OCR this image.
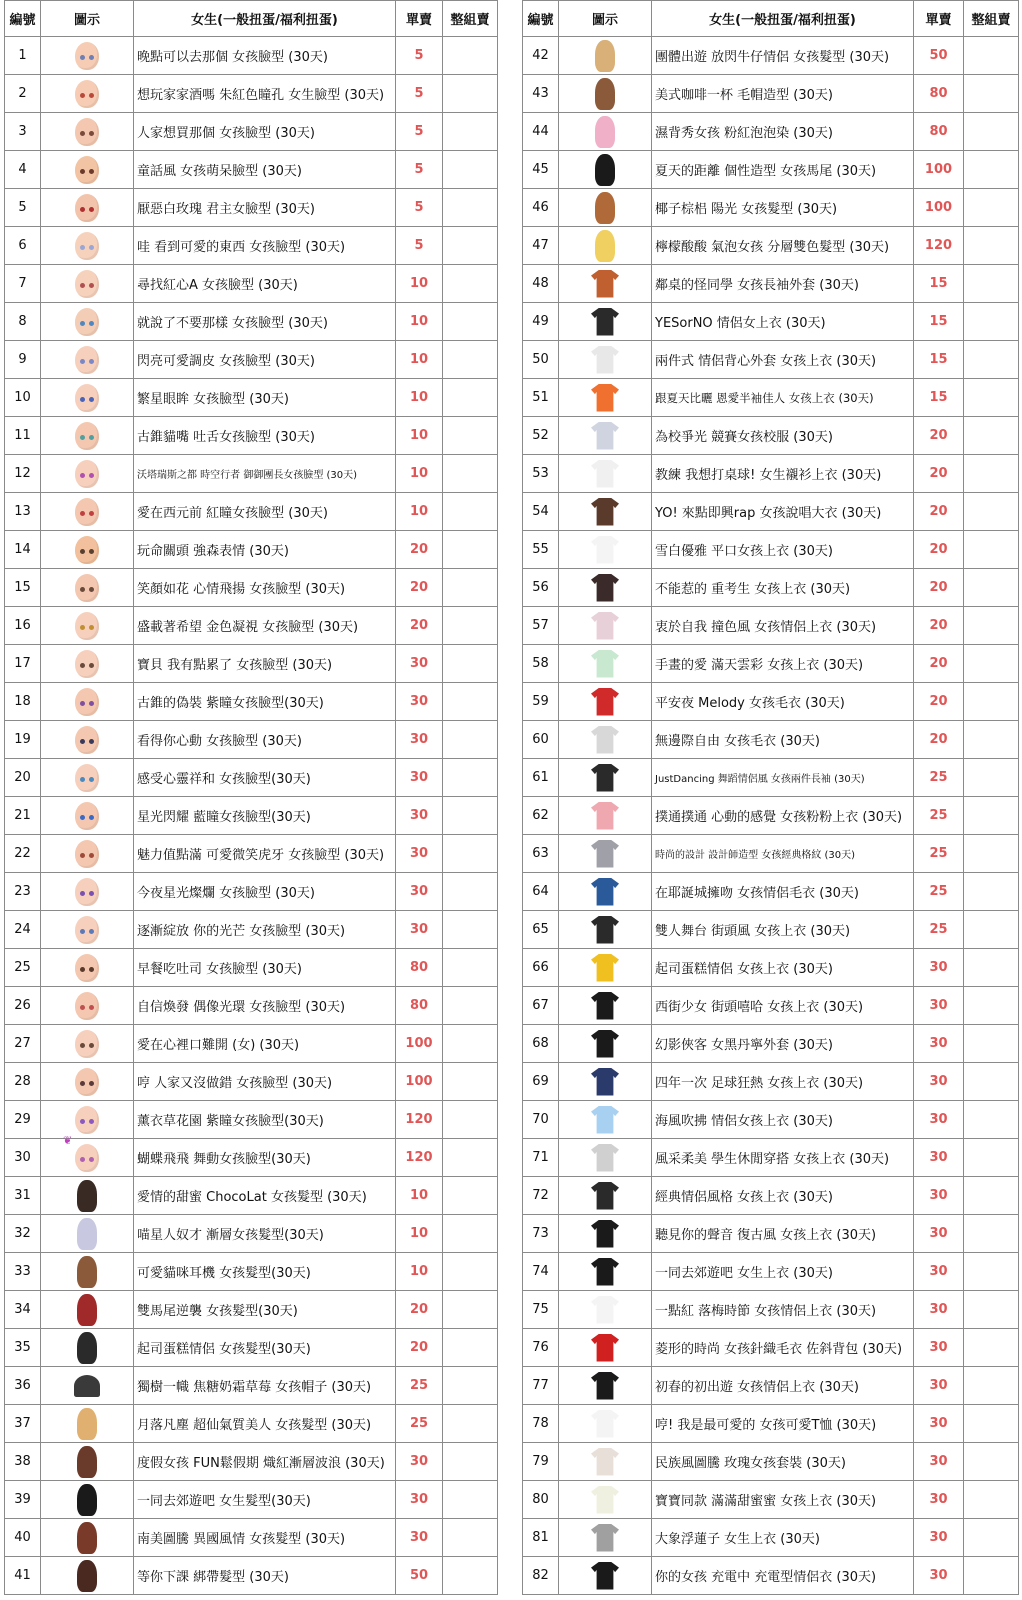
編號	圖示	女生(一般扭蛋/福利扭蛋)	單賣	整組賣
1		晚點可以去那個 女孩臉型 (30天)	5	
2		想玩家家酒嗎 朱紅色瞳孔 女生臉型 (30天)	5	
3		人家想買那個 女孩臉型 (30天)	5	
4		童話風 女孩萌呆臉型 (30天)	5	
5		厭惡白玫瑰 君主女臉型 (30天)	5	
6		哇 看到可愛的東西 女孩臉型 (30天)	5	
7		尋找紅心A 女孩臉型 (30天)	10	
8		就說了不要那樣 女孩臉型 (30天)	10	
9		閃亮可愛調皮 女孩臉型 (30天)	10	
10		繁星眼眸 女孩臉型 (30天)	10	
11		古錐貓嘴 吐舌女孩臉型 (30天)	10	
12		沃塔瑞斯之都 時空行者 御御團長女孩臉型 (30天)	10	
13		愛在西元前 紅瞳女孩臉型 (30天)	10	
14		玩命關頭 強森表情 (30天)	20	
15		笑顏如花 心情飛揚 女孩臉型 (30天)	20	
16		盛載著希望 金色凝視 女孩臉型 (30天)	20	
17		寶貝 我有點累了 女孩臉型 (30天)	30	
18		古錐的偽裝 紫瞳女孩臉型(30天)	30	
19		看得你心動 女孩臉型 (30天)	30	
20		感受心靈祥和 女孩臉型(30天)	30	
21		星光閃耀 藍瞳女孩臉型(30天)	30	
22		魅力值點滿 可愛微笑虎牙 女孩臉型 (30天)	30	
23		今夜星光燦爛 女孩臉型 (30天)	30	
24		逐漸綻放 你的光芒 女孩臉型 (30天)	30	
25		早餐吃吐司 女孩臉型 (30天)	80	
26		自信煥發 偶像光環 女孩臉型 (30天)	80	
27		愛在心裡口難開 (女) (30天)	100	
28		哼 人家又沒做錯 女孩臉型 (30天)	100	
29		薰衣草花園 紫瞳女孩臉型(30天)	120	
30	❦	蝴蝶飛飛 舞動女孩臉型(30天)	120	
31		愛情的甜蜜 ChocoLat 女孩髮型 (30天)	10	
32		喵星人奴才 漸層女孩髮型(30天)	10	
33		可愛貓咪耳機 女孩髮型(30天)	10	
34		雙馬尾逆襲 女孩髮型(30天)	20	
35		起司蛋糕情侶 女孩髮型(30天)	20	
36		獨樹一幟 焦糖奶霜草莓 女孩帽子 (30天)	25	
37		月落凡塵 超仙氣質美人 女孩髮型 (30天)	25	
38		度假女孩 FUN鬆假期 熾紅漸層波浪 (30天)	30	
39		一同去郊遊吧 女生髮型(30天)	30	
40		南美圖騰 異國風情 女孩髮型 (30天)	30	
41		等你下課 綁帶髮型 (30天)	50	
編號	圖示	女生(一般扭蛋/福利扭蛋)	單賣	整組賣
42		團體出遊 放閃牛仔情侶 女孩髮型 (30天)	50	
43		美式咖啡一杯 毛帽造型 (30天)	80	
44		濕背秀女孩 粉紅泡泡染 (30天)	80	
45		夏天的距離 個性造型 女孩馬尾 (30天)	100	
46		椰子棕梠 陽光 女孩髮型 (30天)	100	
47		檸檬酸酸 氣泡女孩 分層雙色髮型 (30天)	120	
48		鄰桌的怪同學 女孩長袖外套 (30天)	15	
49		YESorNO 情侶女上衣 (30天)	15	
50		兩件式 情侶背心外套 女孩上衣 (30天)	15	
51		跟夏天比曬 恩愛半袖佳人 女孩上衣 (30天)	15	
52		為校爭光 競賽女孩校服 (30天)	20	
53		教練 我想打桌球! 女生襯衫上衣 (30天)	20	
54		YO! 來點即興rap 女孩說唱大衣 (30天)	20	
55		雪白優雅 平口女孩上衣 (30天)	20	
56		不能惹的 重考生 女孩上衣 (30天)	20	
57		衷於自我 撞色風 女孩情侶上衣 (30天)	20	
58		手畫的愛 滿天雲彩 女孩上衣 (30天)	20	
59		平安夜 Melody 女孩毛衣 (30天)	20	
60		無邊際自由 女孩毛衣 (30天)	20	
61		JustDancing 舞蹈情侶風 女孩兩件長袖 (30天)	25	
62		撲通撲通 心動的感覺 女孩粉粉上衣 (30天)	25	
63		時尚的設計 設計師造型 女孩經典格紋 (30天)	25	
64		在耶誕城擁吻 女孩情侶毛衣 (30天)	25	
65		雙人舞台 街頭風 女孩上衣 (30天)	25	
66		起司蛋糕情侶 女孩上衣 (30天)	30	
67		西街少女 街頭嘻哈 女孩上衣 (30天)	30	
68		幻影俠客 女黑丹寧外套 (30天)	30	
69		四年一次 足球狂熱 女孩上衣 (30天)	30	
70		海風吹拂 情侶女孩上衣 (30天)	30	
71		風采柔美 學生休閒穿搭 女孩上衣 (30天)	30	
72		經典情侶風格 女孩上衣 (30天)	30	
73		聽見你的聲音 復古風 女孩上衣 (30天)	30	
74		一同去郊遊吧 女生上衣 (30天)	30	
75		一點紅 落梅時節 女孩情侶上衣 (30天)	30	
76		菱形的時尚 女孩針織毛衣 佐斜背包 (30天)	30	
77		初春的初出遊 女孩情侶上衣 (30天)	30	
78		哼! 我是最可愛的 女孩可愛T恤 (30天)	30	
79		民族風圖騰 玫瑰女孩套裝 (30天)	30	
80		寶寶同款 滿滿甜蜜蜜 女孩上衣 (30天)	30	
81		大象浮蓮子 女生上衣 (30天)	30	
82		你的女孩 充電中 充電型情侶衣 (30天)	30	
